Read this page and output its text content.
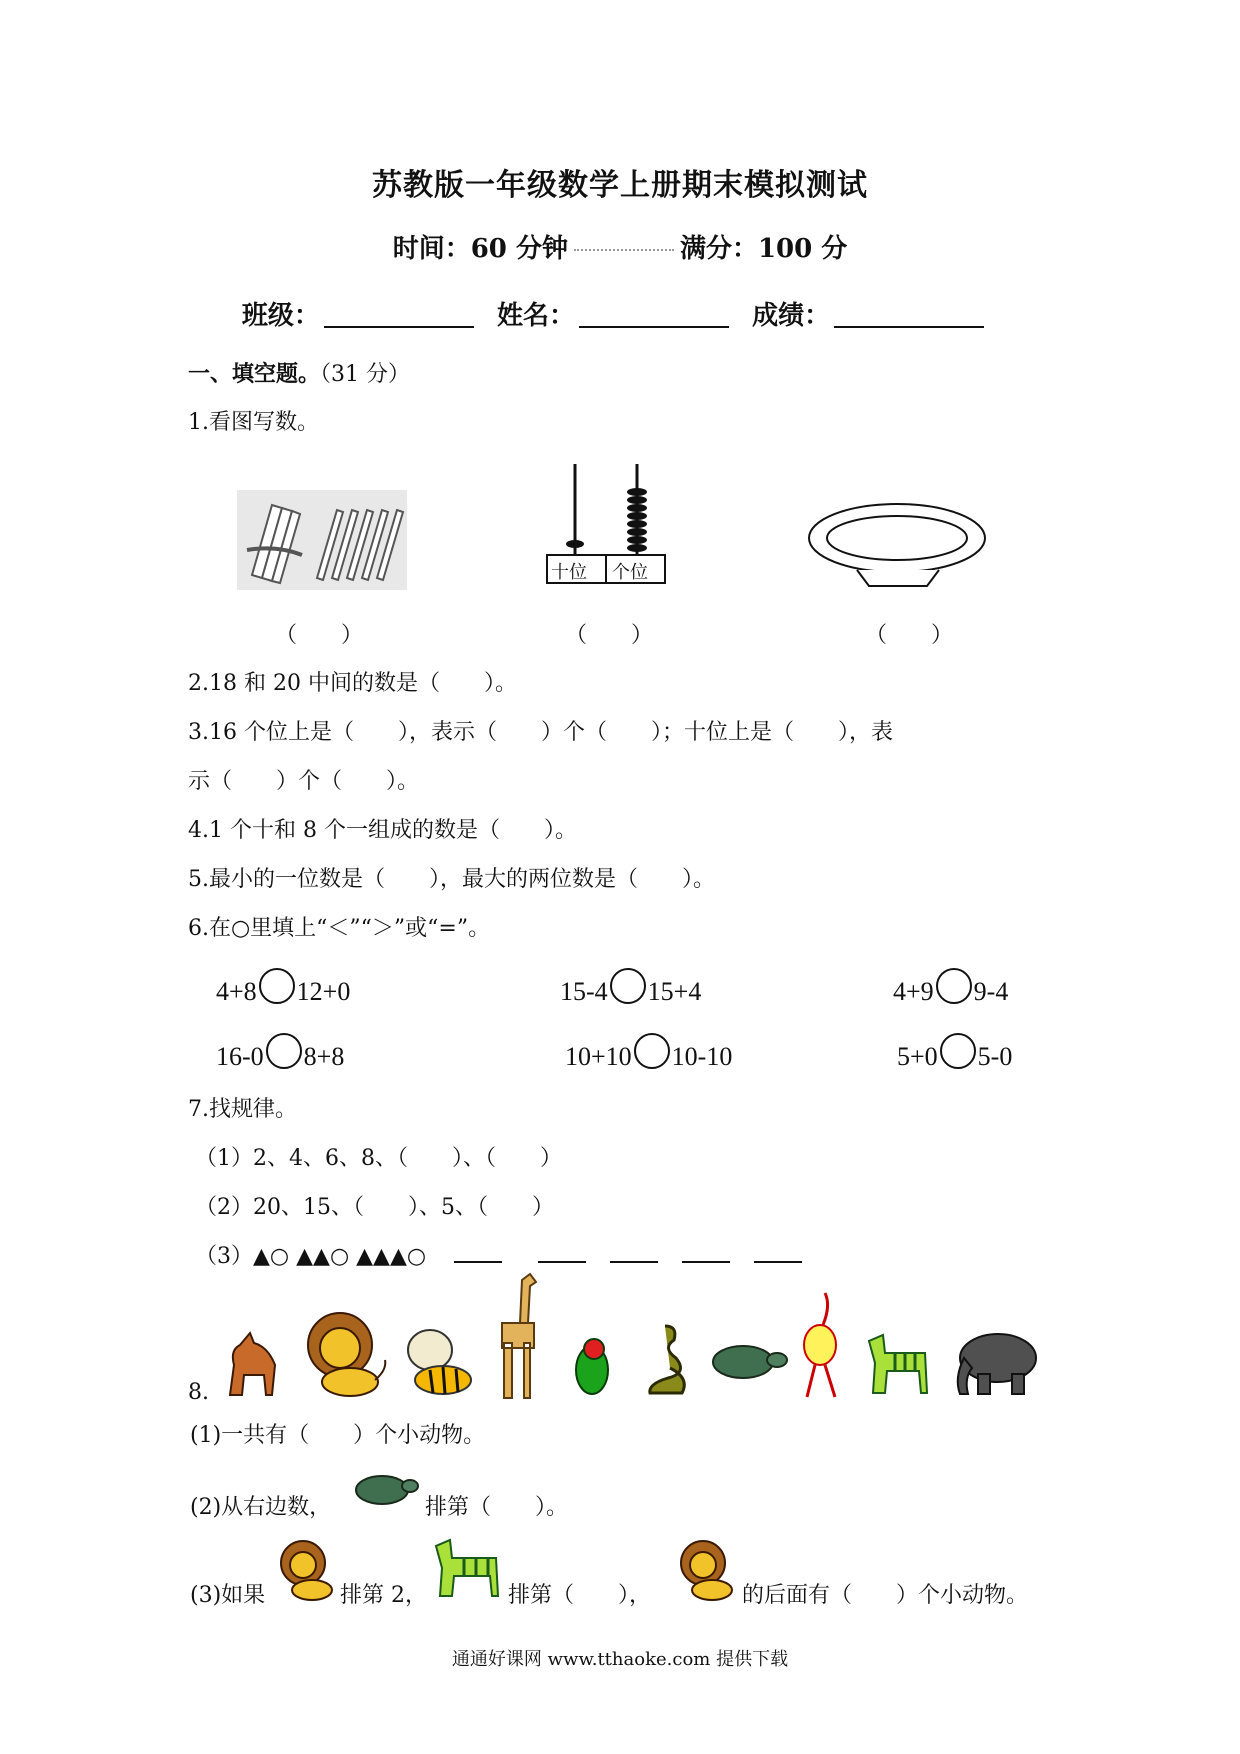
苏教版一年级数学上册期末模拟测试
时间：60 分钟	满分：100 分
班级：	姓名：	成绩：
一、填空题。（31 分）
1.看图写数。
十位 个位
（　　）	（　　）	（　　）
2.18 和 20 中间的数是（　　）。
3.16 个位上是（　　），表示（　　）个（　　）；十位上是（　　），表
示（　　）个（　　）。
4.1 个十和 8 个一组成的数是（　　）。
5.最小的一位数是（　　），最大的两位数是（　　）。
6.在○里填上“＜”“＞”或“=”。
4+8 12+0	15-4 15+4	4+9 9-4
16-0 8+8	10+10 10-10	5+0 5-0
7.找规律。
（1）2、4、6、8、（　　）、（　　）
（2）20、15、（　　）、5、（　　）
（3）▲○ ▲▲○ ▲▲▲○
8.
(1)一共有（　　）个小动物。
(2)从右边数，	排第（　　）。
(3)如果	排第 2，	排第（　　），	的后面有（　　）个小动物。
通通好课网 www.tthaoke.com 提供下载
